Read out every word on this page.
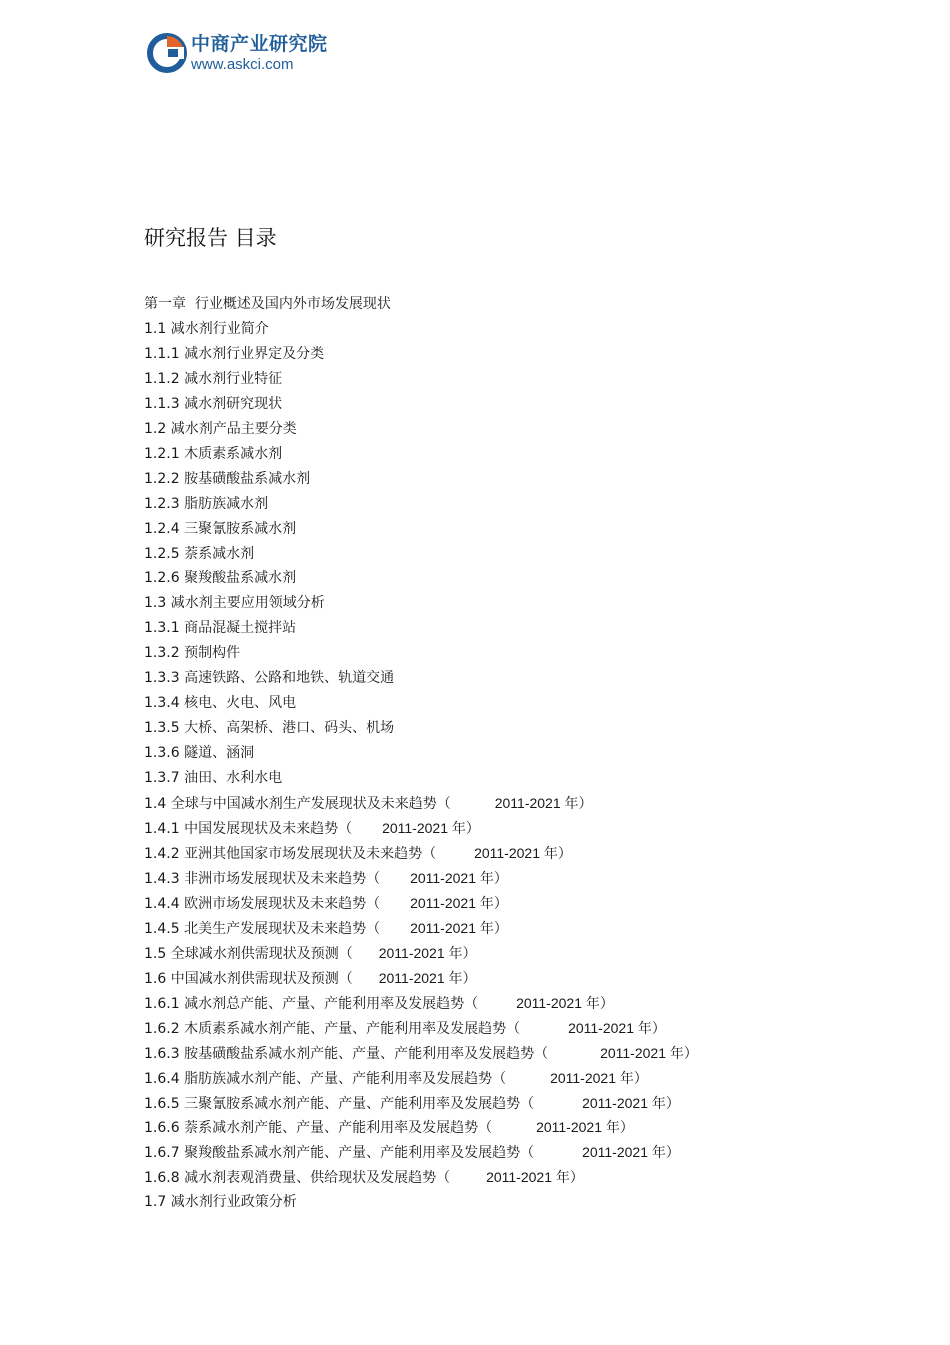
中商产业研究院
www.askci.com
研究报告 目录
第一章  行业概述及国内外市场发展现状
1.1 减水剂行业简介
1.1.1 减水剂行业界定及分类
1.1.2 减水剂行业特征
1.1.3 减水剂研究现状
1.2 减水剂产品主要分类
1.2.1 木质素系减水剂
1.2.2 胺基磺酸盐系减水剂
1.2.3 脂肪族减水剂
1.2.4 三聚氰胺系减水剂
1.2.5 萘系减水剂
1.2.6 聚羧酸盐系减水剂
1.3 减水剂主要应用领域分析
1.3.1 商品混凝土搅拌站
1.3.2 预制构件
1.3.3 高速铁路、公路和地铁、轨道交通
1.3.4 核电、火电、风电
1.3.5 大桥、高架桥、港口、码头、机场
1.3.6 隧道、涵洞
1.3.7 油田、水利水电
1.4 全球与中国减水剂生产发展现状及未来趋势（	2011-2021 年）
1.4.1 中国发展现状及未来趋势（ 2011-2021 年）
1.4.2 亚洲其他国家市场发展现状及未来趋势（	2011-2021 年）
1.4.3 非洲市场发展现状及未来趋势（ 2011-2021 年）
1.4.4 欧洲市场发展现状及未来趋势（ 2011-2021 年）
1.4.5 北美生产发展现状及未来趋势（ 2011-2021 年）
1.5 全球减水剂供需现状及预测（ 2011-2021 年）
1.6 中国减水剂供需现状及预测（ 2011-2021 年）
1.6.1 减水剂总产能、产量、产能利用率及发展趋势（	2011-2021 年）
1.6.2 木质素系减水剂产能、产量、产能利用率及发展趋势（	2011-2021 年）
1.6.3 胺基磺酸盐系减水剂产能、产量、产能利用率及发展趋势（	2011-2021 年）
1.6.4 脂肪族减水剂产能、产量、产能利用率及发展趋势（	2011-2021 年）
1.6.5 三聚氰胺系减水剂产能、产量、产能利用率及发展趋势（	2011-2021 年）
1.6.6 萘系减水剂产能、产量、产能利用率及发展趋势（	2011-2021 年）
1.6.7 聚羧酸盐系减水剂产能、产量、产能利用率及发展趋势（	2011-2021 年）
1.6.8 减水剂表观消费量、供给现状及发展趋势（	2011-2021 年）
1.7 减水剂行业政策分析
